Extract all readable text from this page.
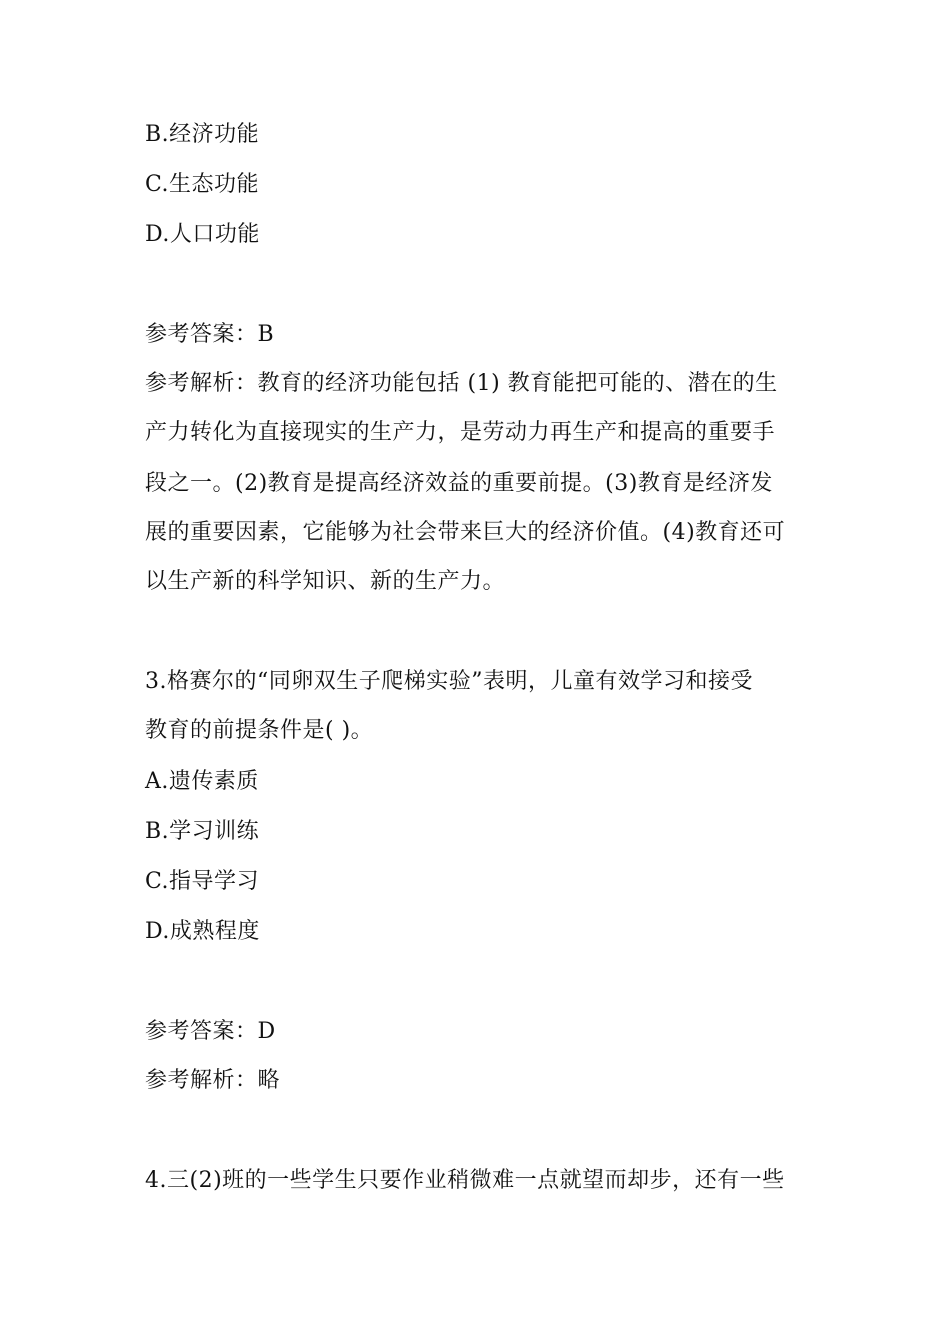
B.经济功能
C.生态功能
D.人口功能
参考答案：B
参考解析：教育的经济功能包括 (1) 教育能把可能的、潜在的生
产力转化为直接现实的生产力，是劳动力再生产和提高的重要手
段之一。(2)教育是提高经济效益的重要前提。(3)教育是经济发
展的重要因素，它能够为社会带来巨大的经济价值。(4)教育还可
以生产新的科学知识、新的生产力。
3.格赛尔的“同卵双生子爬梯实验”表明，儿童有效学习和接受
教育的前提条件是( )。
A.遗传素质
B.学习训练
C.指导学习
D.成熟程度
参考答案：D
参考解析：略
4.三(2)班的一些学生只要作业稍微难一点就望而却步，还有一些
